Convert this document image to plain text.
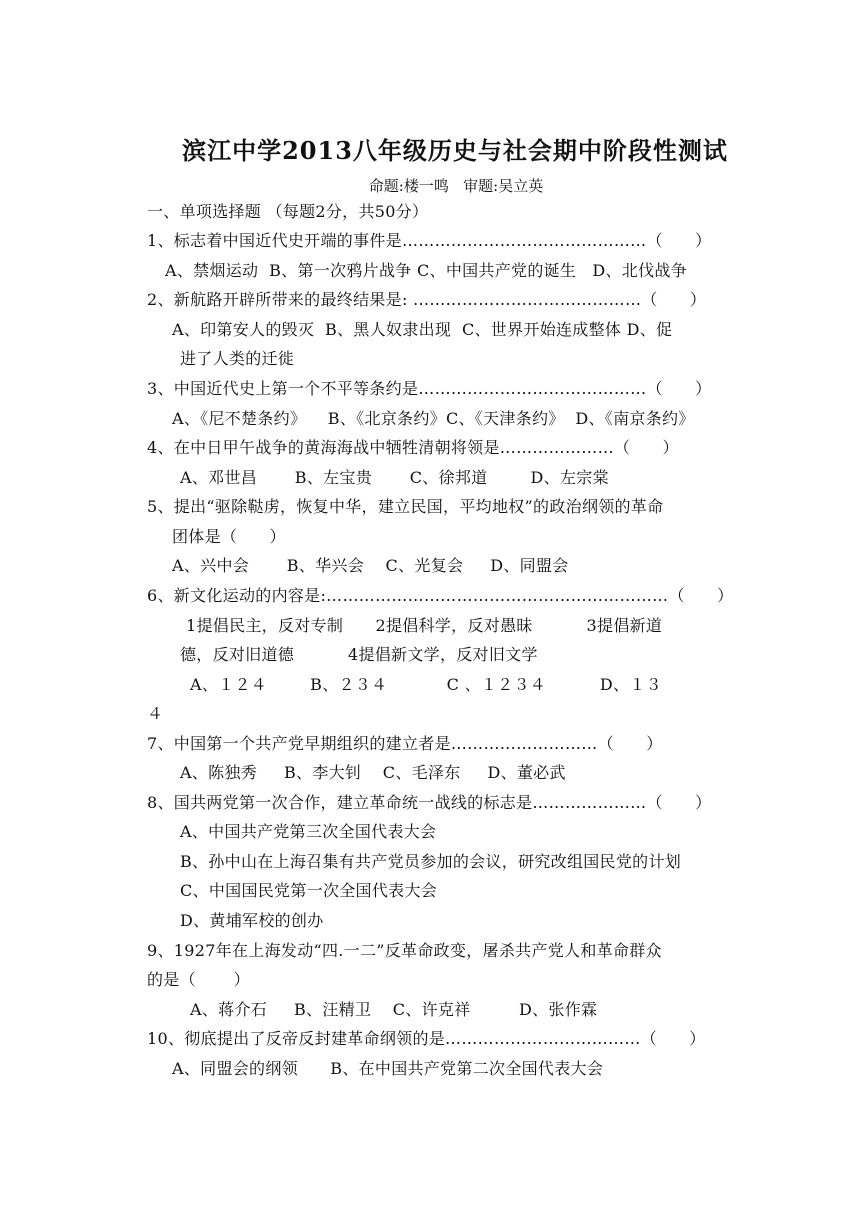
滨江中学2013八年级历史与社会期中阶段性测试
命题:楼一鸣   审题:吴立英
一、单项选择题 （每题2分，共50分）
1、标志着中国近代史开端的事件是………………………………………（      ）
A、禁烟运动  B、第一次鸦片战争 C、中国共产党的诞生   D、北伐战争
2、新航路开辟所带来的最终结果是: ……………………………………（      ）
A、印第安人的毁灭  B、黑人奴隶出现  C、世界开始连成整体 D、促
进了人类的迁徙
3、中国近代史上第一个不平等条约是……………………………………（      ）
A、《尼不楚条约》    B、《北京条约》C、《天津条约》  D、《南京条约》
4、在中日甲午战争的黄海海战中牺牲清朝将领是…………………（      ）
A、邓世昌       B、左宝贵       C、徐邦道        D、左宗棠
5、提出“驱除鞑虏，恢复中华，建立民国，平均地权”的政治纲领的革命
团体是（      ）
A、兴中会       B、华兴会    C、光复会     D、同盟会
6、新文化运动的内容是:………………………………………………………（      ）
1提倡民主，反对专制      2提倡科学，反对愚昧          3提倡新道
德，反对旧道德          4提倡新文学，反对旧文学
A、１２４        B、２３４           C 、１２３４          D、１３
４
7、中国第一个共产党早期组织的建立者是………………………（      ）
A、陈独秀     B、李大钊    C、毛泽东     D、董必武
8、国共两党第一次合作，建立革命统一战线的标志是…………………（      ）
A、中国共产党第三次全国代表大会
B、孙中山在上海召集有共产党员参加的会议，研究改组国民党的计划
C、中国国民党第一次全国代表大会
D、黄埔军校的创办
9、1927年在上海发动“四.一二”反革命政变，屠杀共产党人和革命群众
的是（       ）
A、蒋介石     B、汪精卫    C、许克祥         D、张作霖
10、彻底提出了反帝反封建革命纲领的是………………………………（      ）
A、同盟会的纲领      B、在中国共产党第二次全国代表大会
